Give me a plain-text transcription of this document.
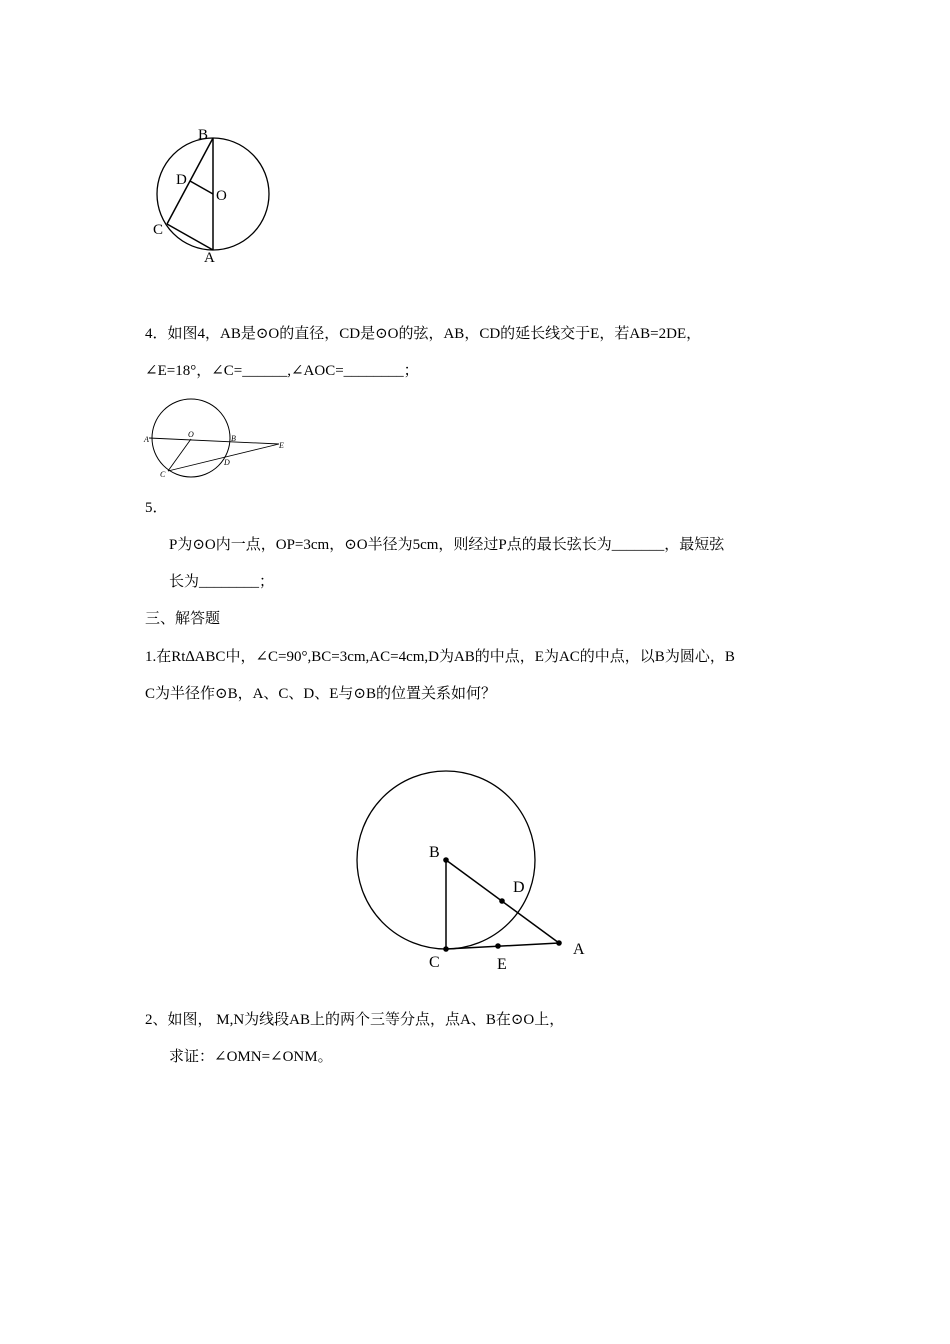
B
D
O
C
A
4．如图4，AB是⊙O的直径，CD是⊙O的弦，AB，CD的延长线交于E，若AB=2DE，
∠E=18°，∠C=______,∠AOC=________；
A
O	B
E
C
D
5．
P为⊙O内一点，OP=3cm，⊙O半径为5cm，则经过P点的最长弦长为_______，最短弦
长为________；
三、解答题
1.在Rt∆ABC中，∠C=90°,BC=3cm,AC=4cm,D为AB的中点，E为AC的中点，以B为圆心，B
C为半径作⊙B，A、C、D、E与⊙B的位置关系如何？
B
D
A
C	E
2、如图， M,N为线段AB上的两个三等分点，点A、B在⊙O上，
求证：∠OMN=∠ONM。
